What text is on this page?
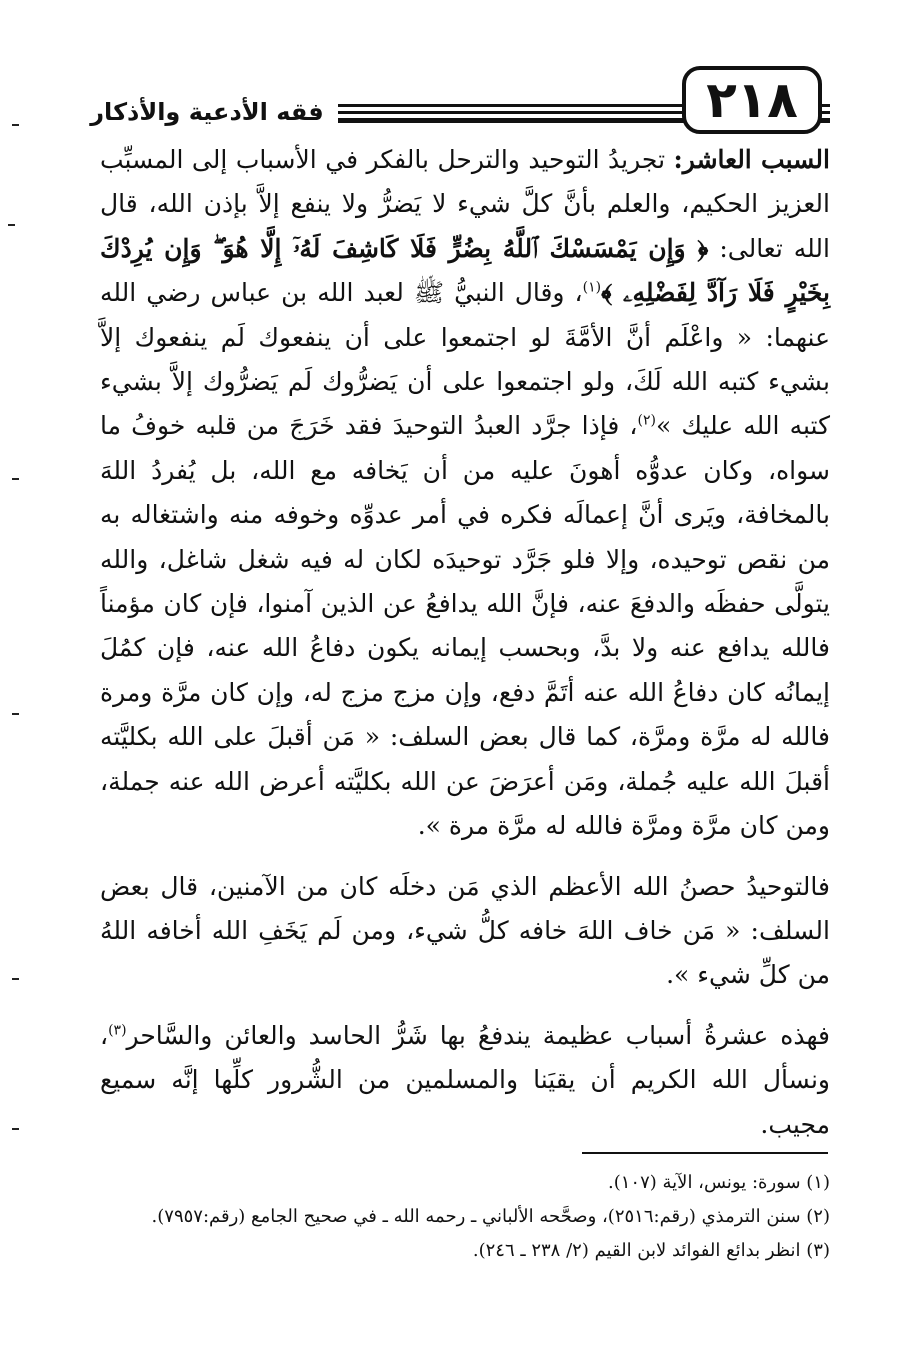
فقه الأدعية والأذكار	٢١٨

السبب العاشر: تجريدُ التوحيد والترحل بالفكر في الأسباب إلى المسبِّب العزيز الحكيم، والعلم بأنَّ كلَّ شيء لا يَضرُّ ولا ينفع إلاَّ بإذن الله، قال الله تعالى: ﴿ وَإِن يَمْسَسْكَ ٱللَّهُ بِضُرٍّ فَلَا كَاشِفَ لَهُۥٓ إِلَّا هُوَ ۖ وَإِن يُرِدْكَ بِخَيْرٍ فَلَا رَآدَّ لِفَضْلِهِۦ ﴾$^{(١)}$، وقال النبيُّ ﷺ لعبد الله بن عباس رضي الله عنهما: « واعْلَم أنَّ الأمَّةَ لو اجتمعوا على أن ينفعوك لَم ينفعوك إلاَّ بشيء كتبه الله لَكَ، ولو اجتمعوا على أن يَضرُّوك لَم يَضرُّوك إلاَّ بشيء كتبه الله عليك »$^{(٢)}$، فإذا جرَّد العبدُ التوحيدَ فقد خَرَجَ من قلبه خوفُ ما سواه، وكان عدوُّه أهونَ عليه من أن يَخافه مع الله، بل يُفردُ اللهَ بالمخافة، ويَرى أنَّ إعمالَه فكره في أمر عدوِّه وخوفه منه واشتغاله به من نقص توحيده، وإلا فلو جَرَّد توحيدَه لكان له فيه شغل شاغل، والله يتولَّى حفظَه والدفعَ عنه، فإنَّ الله يدافعُ عن الذين آمنوا، فإن كان مؤمناً فالله يدافع عنه ولا بدَّ، وبحسب إيمانه يكون دفاعُ الله عنه، فإن كمُلَ إيمانُه كان دفاعُ الله عنه أتَمَّ دفع، وإن مزج مزج له، وإن كان مرَّة ومرة فالله له مرَّة ومرَّة، كما قال بعض السلف: « مَن أقبلَ على الله بكليَّته أقبلَ الله عليه جُملة، ومَن أعرَضَ عن الله بكليَّته أعرض الله عنه جملة، ومن كان مرَّة ومرَّة فالله له مرَّة مرة ».

فالتوحيدُ حصنُ الله الأعظم الذي مَن دخلَه كان من الآمنين، قال بعض السلف: « مَن خاف اللهَ خافه كلُّ شيء، ومن لَم يَخَفِ الله أخافه اللهُ من كلِّ شيء ».

فهذه عشرةُ أسباب عظيمة يندفعُ بها شَرُّ الحاسد والعائن والسَّاحر$^{(٣)}$، ونسأل الله الكريم أن يقيَنا والمسلمين من الشُّرور كلِّها إنَّه سميع مجيب.

(١) سورة: يونس، الآية (١٠٧).
(٢) سنن الترمذي (رقم:٢٥١٦)، وصحَّحه الألباني ـ رحمه الله ـ في صحيح الجامع (رقم:٧٩٥٧).
(٣) انظر بدائع الفوائد لابن القيم (٢/ ٢٣٨ ـ ٢٤٦).
